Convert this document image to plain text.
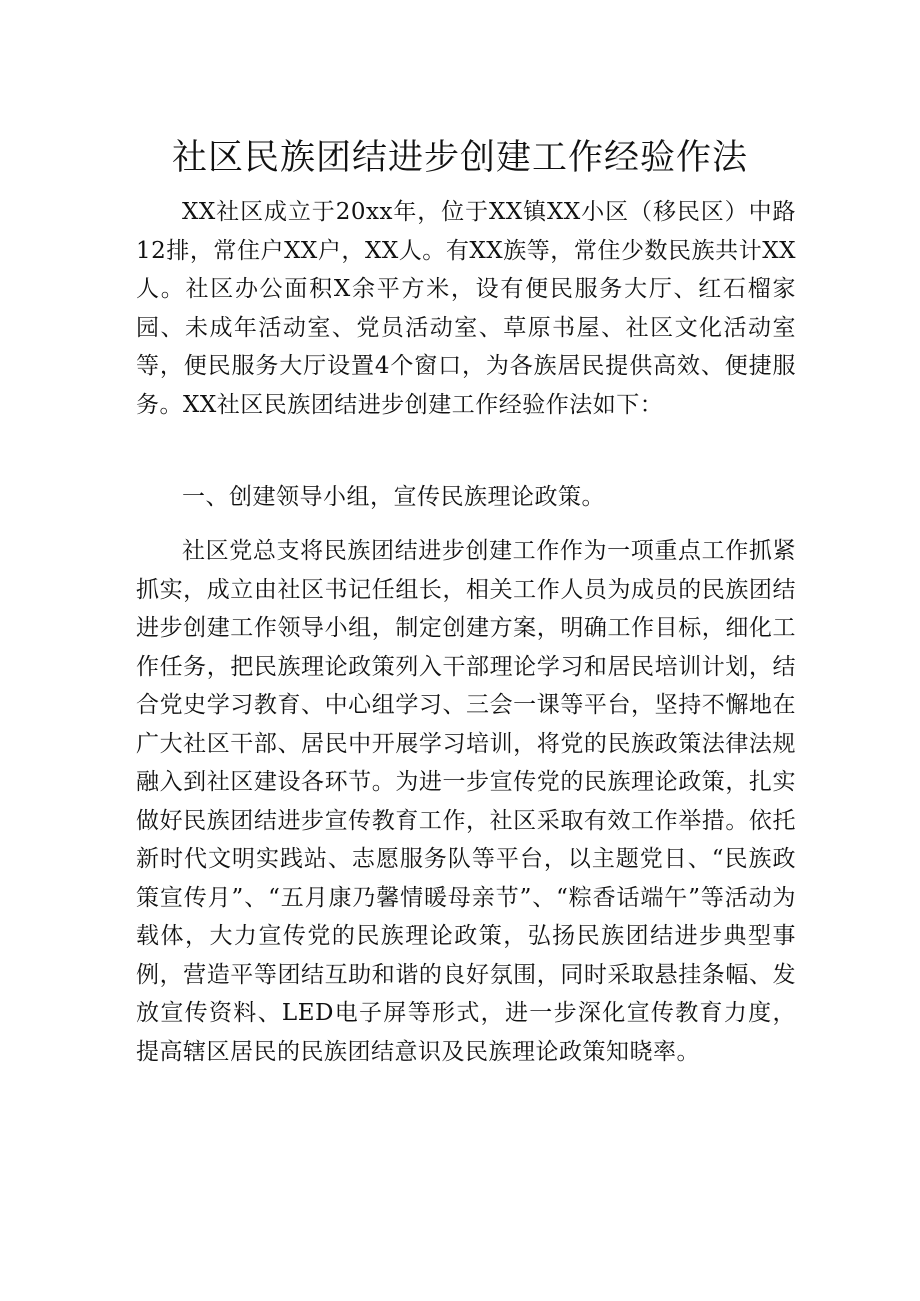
社区民族团结进步创建工作经验作法

XX社区成立于20xx年，位于XX镇XX小区（移民区）中路12排，常住户XX户，XX人。有XX族等，常住少数民族共计XX人。社区办公面积X余平方米，设有便民服务大厅、红石榴家园、未成年活动室、党员活动室、草原书屋、社区文化活动室等，便民服务大厅设置4个窗口，为各族居民提供高效、便捷服务。XX社区民族团结进步创建工作经验作法如下：

一、创建领导小组，宣传民族理论政策。

社区党总支将民族团结进步创建工作作为一项重点工作抓紧抓实，成立由社区书记任组长，相关工作人员为成员的民族团结进步创建工作领导小组，制定创建方案，明确工作目标，细化工作任务，把民族理论政策列入干部理论学习和居民培训计划，结合党史学习教育、中心组学习、三会一课等平台，坚持不懈地在广大社区干部、居民中开展学习培训，将党的民族政策法律法规融入到社区建设各环节。为进一步宣传党的民族理论政策，扎实做好民族团结进步宣传教育工作，社区采取有效工作举措。依托新时代文明实践站、志愿服务队等平台，以主题党日、“民族政策宣传月”、“五月康乃馨情暖母亲节”、“粽香话端午”等活动为载体，大力宣传党的民族理论政策，弘扬民族团结进步典型事例，营造平等团结互助和谐的良好氛围，同时采取悬挂条幅、发放宣传资料、LED电子屏等形式，进一步深化宣传教育力度，提高辖区居民的民族团结意识及民族理论政策知晓率。
